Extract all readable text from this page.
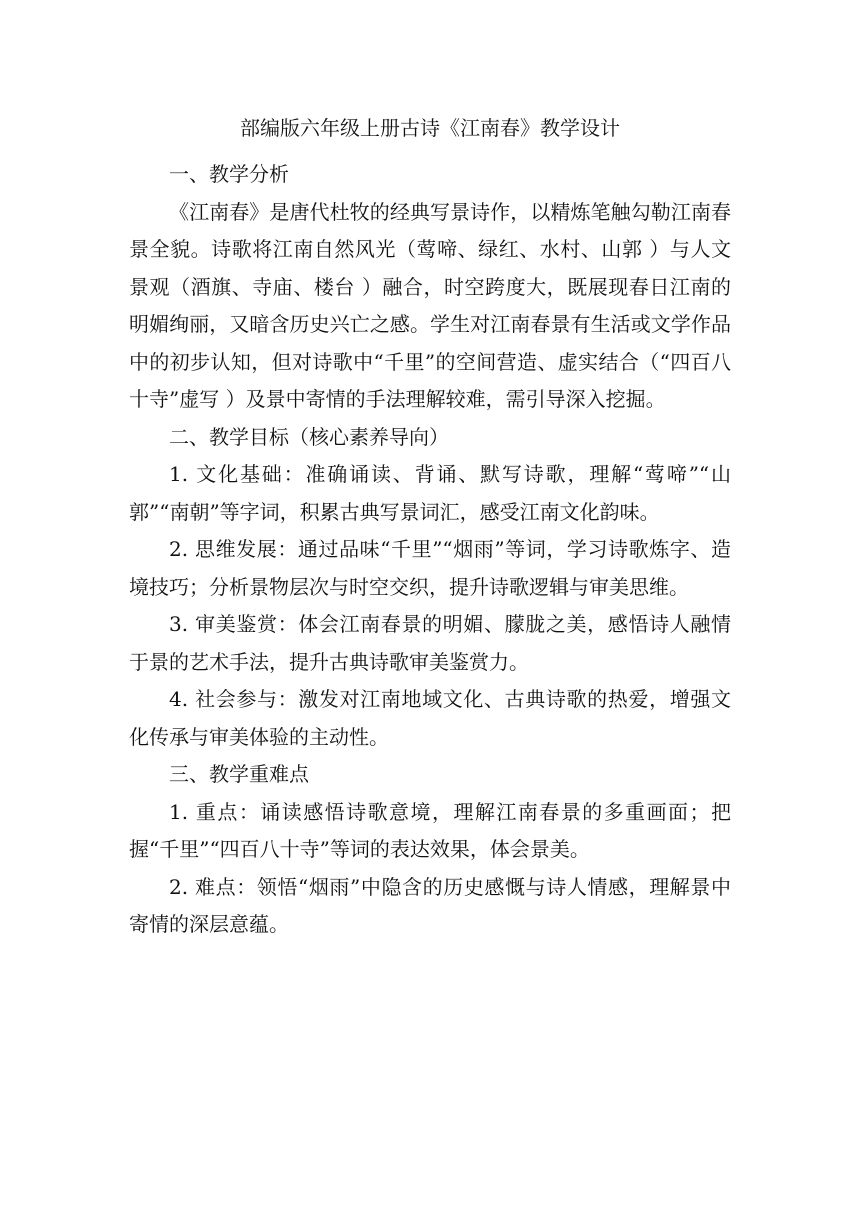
部编版六年级上册古诗《江南春》教学设计

一、教学分析

《江南春》是唐代杜牧的经典写景诗作，以精炼笔触勾勒江南春景全貌。诗歌将江南自然风光（莺啼、绿红、水村、山郭 ）与人文景观（酒旗、寺庙、楼台 ）融合，时空跨度大，既展现春日江南的明媚绚丽，又暗含历史兴亡之感。学生对江南春景有生活或文学作品中的初步认知，但对诗歌中“千里”的空间营造、虚实结合（“四百八十寺”虚写 ）及景中寄情的手法理解较难，需引导深入挖掘。

二、教学目标（核心素养导向）

1. 文化基础：准确诵读、背诵、默写诗歌，理解“莺啼”“山郭”“南朝”等字词，积累古典写景词汇，感受江南文化韵味。

2. 思维发展：通过品味“千里”“烟雨”等词，学习诗歌炼字、造境技巧；分析景物层次与时空交织，提升诗歌逻辑与审美思维。

3. 审美鉴赏：体会江南春景的明媚、朦胧之美，感悟诗人融情于景的艺术手法，提升古典诗歌审美鉴赏力。

4. 社会参与：激发对江南地域文化、古典诗歌的热爱，增强文化传承与审美体验的主动性。

三、教学重难点

1. 重点：诵读感悟诗歌意境，理解江南春景的多重画面；把握“千里”“四百八十寺”等词的表达效果，体会景美。

2. 难点：领悟“烟雨”中隐含的历史感慨与诗人情感，理解景中寄情的深层意蕴。
